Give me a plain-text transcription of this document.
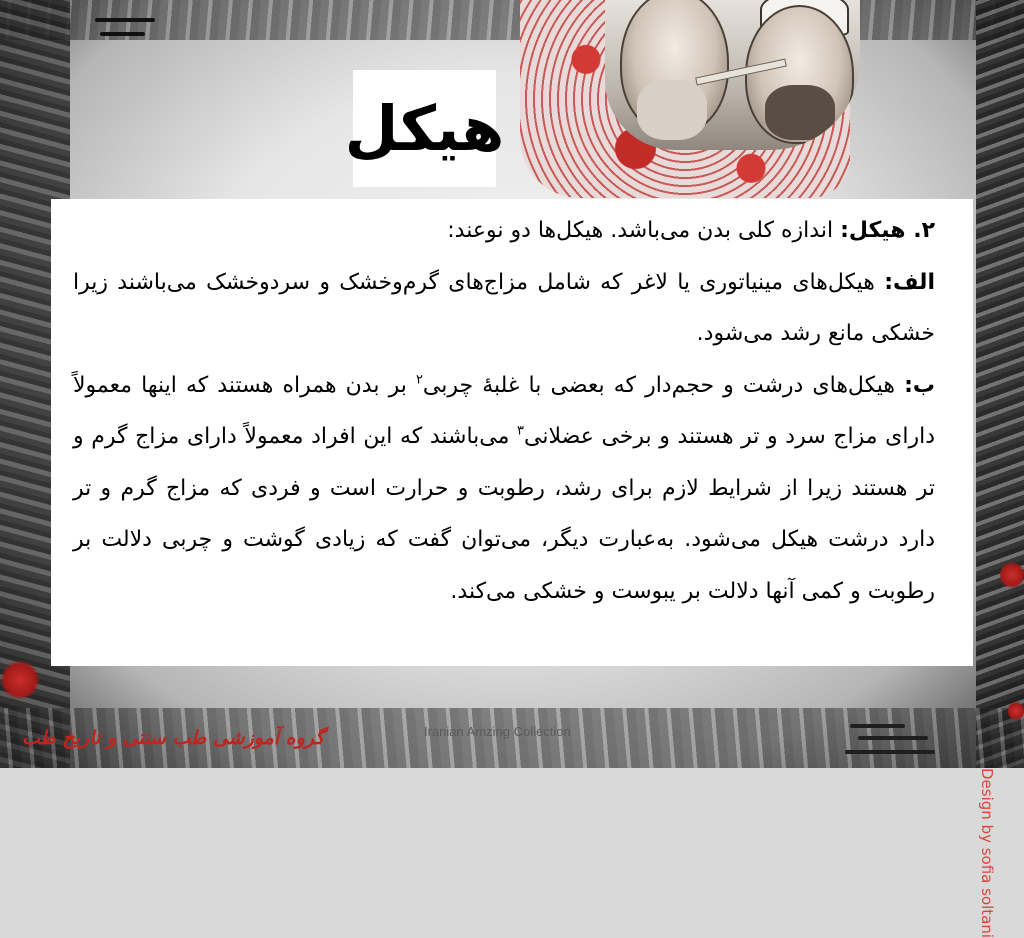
هیکل

۲. هیکل: اندازه کلی بدن می‌باشد. هیکل‌ها دو نوعند:

الف: هیکل‌های مینیاتوری یا لاغر که شامل مزاج‌های گرم‌وخشک و سردوخشک می‌باشند زیرا خشکی مانع رشد می‌شود.

ب: هیکل‌های درشت و حجم‌دار که بعضی با غلبهٔ چربی$^۲$ بر بدن همراه هستند که اینها معمولاً دارای مزاج سرد و تر هستند و برخی عضلانی$^۳$ می‌باشند که این افراد معمولاً دارای مزاج گرم و تر هستند زیرا از شرایط لازم برای رشد، رطوبت و حرارت است و فردی که مزاج گرم و تر دارد درشت هیکل می‌شود. به‌عبارت دیگر، می‌توان گفت که زیادی گوشت و چربی دلالت بر رطوبت و کمی آنها دلالت بر یبوست و خشکی می‌کند.

Design by sofia soltani
گروه آموزشی طب سنتی و تاریخ طب	Iranian Amzing Collection
